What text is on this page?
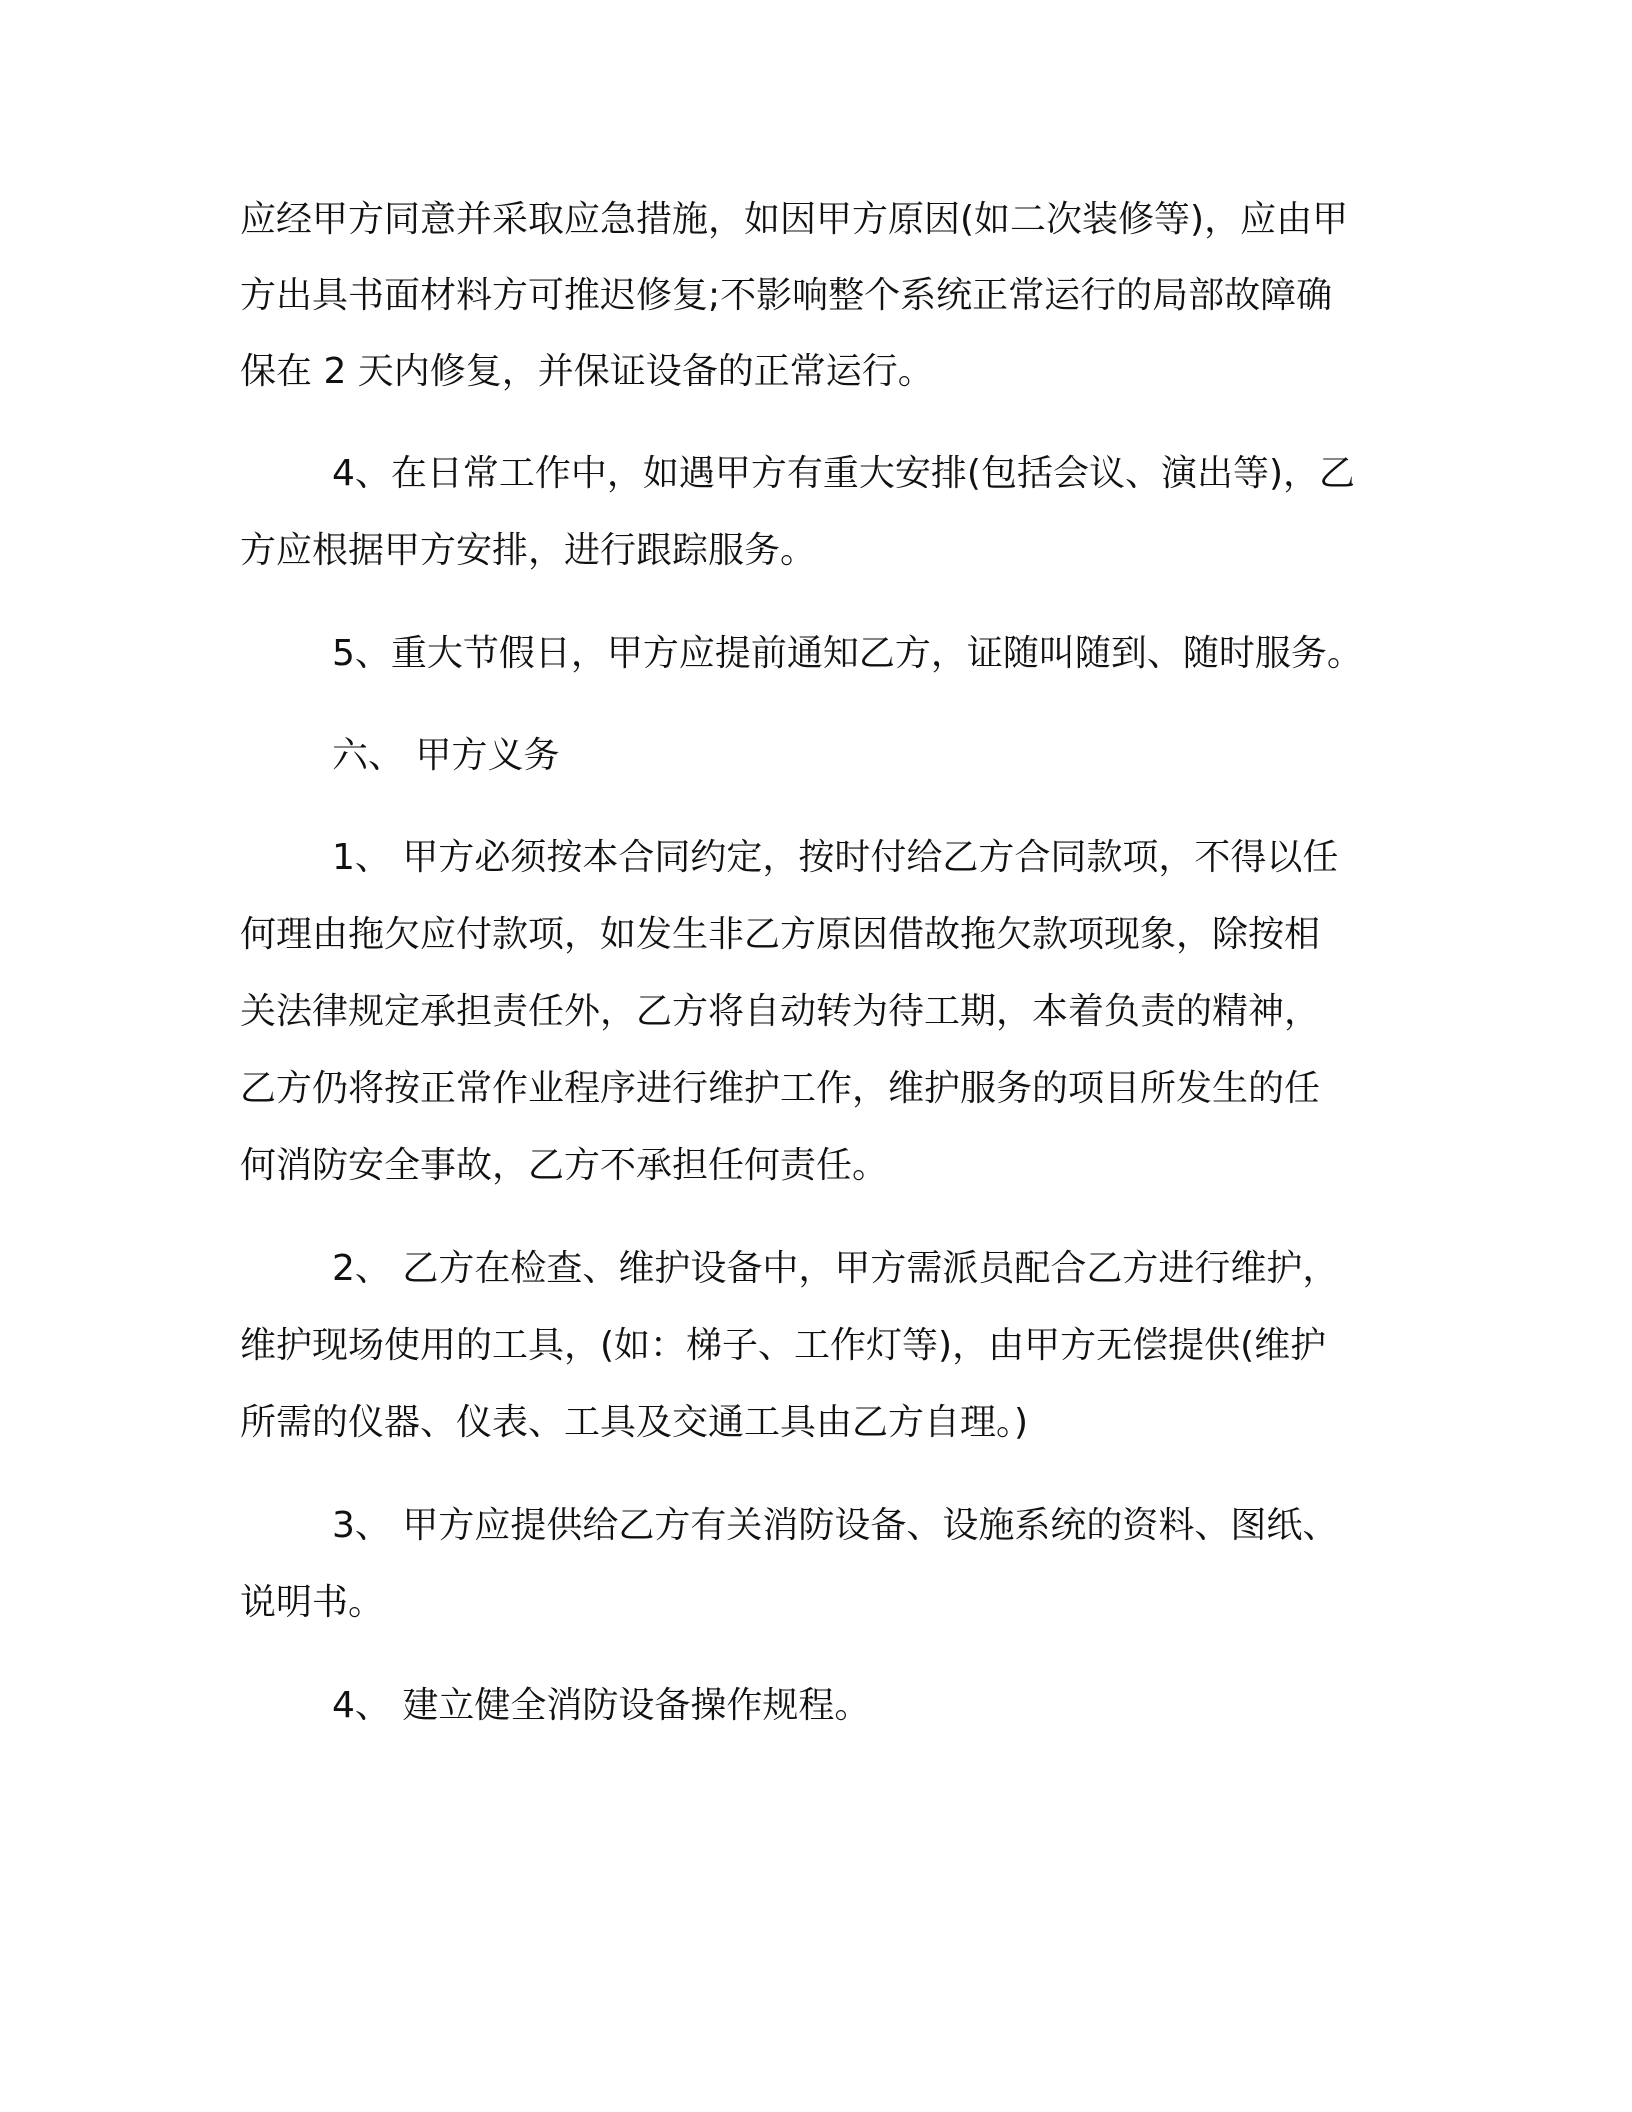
应经甲方同意并采取应急措施，如因甲方原因(如二次装修等)，应由甲

方出具书面材料方可推迟修复;不影响整个系统正常运行的局部故障确

保在 2 天内修复，并保证设备的正常运行。

4、在日常工作中，如遇甲方有重大安排(包括会议、演出等)，乙

方应根据甲方安排，进行跟踪服务。

5、重大节假日，甲方应提前通知乙方，证随叫随到、随时服务。

六、 甲方义务

1、 甲方必须按本合同约定，按时付给乙方合同款项，不得以任

何理由拖欠应付款项，如发生非乙方原因借故拖欠款项现象，除按相

关法律规定承担责任外，乙方将自动转为待工期，本着负责的精神，

乙方仍将按正常作业程序进行维护工作，维护服务的项目所发生的任

何消防安全事故，乙方不承担任何责任。

2、 乙方在检查、维护设备中，甲方需派员配合乙方进行维护，

维护现场使用的工具，(如：梯子、工作灯等)，由甲方无偿提供(维护

所需的仪器、仪表、工具及交通工具由乙方自理。)

3、 甲方应提供给乙方有关消防设备、设施系统的资料、图纸、

说明书。

4、 建立健全消防设备操作规程。
